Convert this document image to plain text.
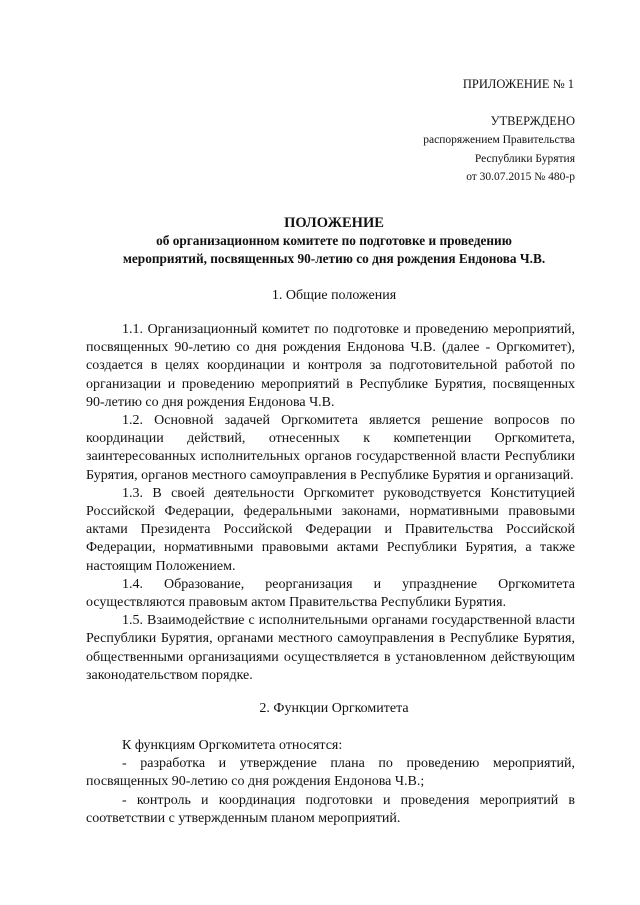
ПРИЛОЖЕНИЕ № 1
УТВЕРЖДЕНО
распоряжением Правительства
Республики Бурятия
от 30.07.2015 № 480-р
ПОЛОЖЕНИЕ
об организационном комитете по подготовке и проведению
мероприятий, посвященных 90-летию со дня рождения Ендонова Ч.В.
1. Общие положения

1.1. Организационный комитет по подготовке и проведению мероприятий, посвященных 90-летию со дня рождения Ендонова Ч.В. (далее - Оргкомитет), создается в целях координации и контроля за подготовительной работой по организации и проведению мероприятий в Республике Бурятия, посвященных 90-летию со дня рождения Ендонова Ч.В.

1.2. Основной задачей Оргкомитета является решение вопросов по координации действий, отнесенных к компетенции Оргкомитета, заинтересованных исполнительных органов государственной власти Республики Бурятия, органов местного самоуправления в Республике Бурятия и организаций.

1.3. В своей деятельности Оргкомитет руководствуется Конституцией Российской Федерации, федеральными законами, нормативными правовыми актами Президента Российской Федерации и Правительства Российской Федерации, нормативными правовыми актами Республики Бурятия, а также настоящим Положением.

1.4. Образование, реорганизация и упразднение Оргкомитета осуществляются правовым актом Правительства Республики Бурятия.

1.5. Взаимодействие с исполнительными органами государственной власти Республики Бурятия, органами местного самоуправления в Республике Бурятия, общественными организациями осуществляется в установленном действующим законодательством порядке.

2. Функции Оргкомитета

К функциям Оргкомитета относятся:

- разработка и утверждение плана по проведению мероприятий, посвященных 90-летию со дня рождения Ендонова Ч.В.;

- контроль и координация подготовки и проведения мероприятий в соответствии с утвержденным планом мероприятий.
